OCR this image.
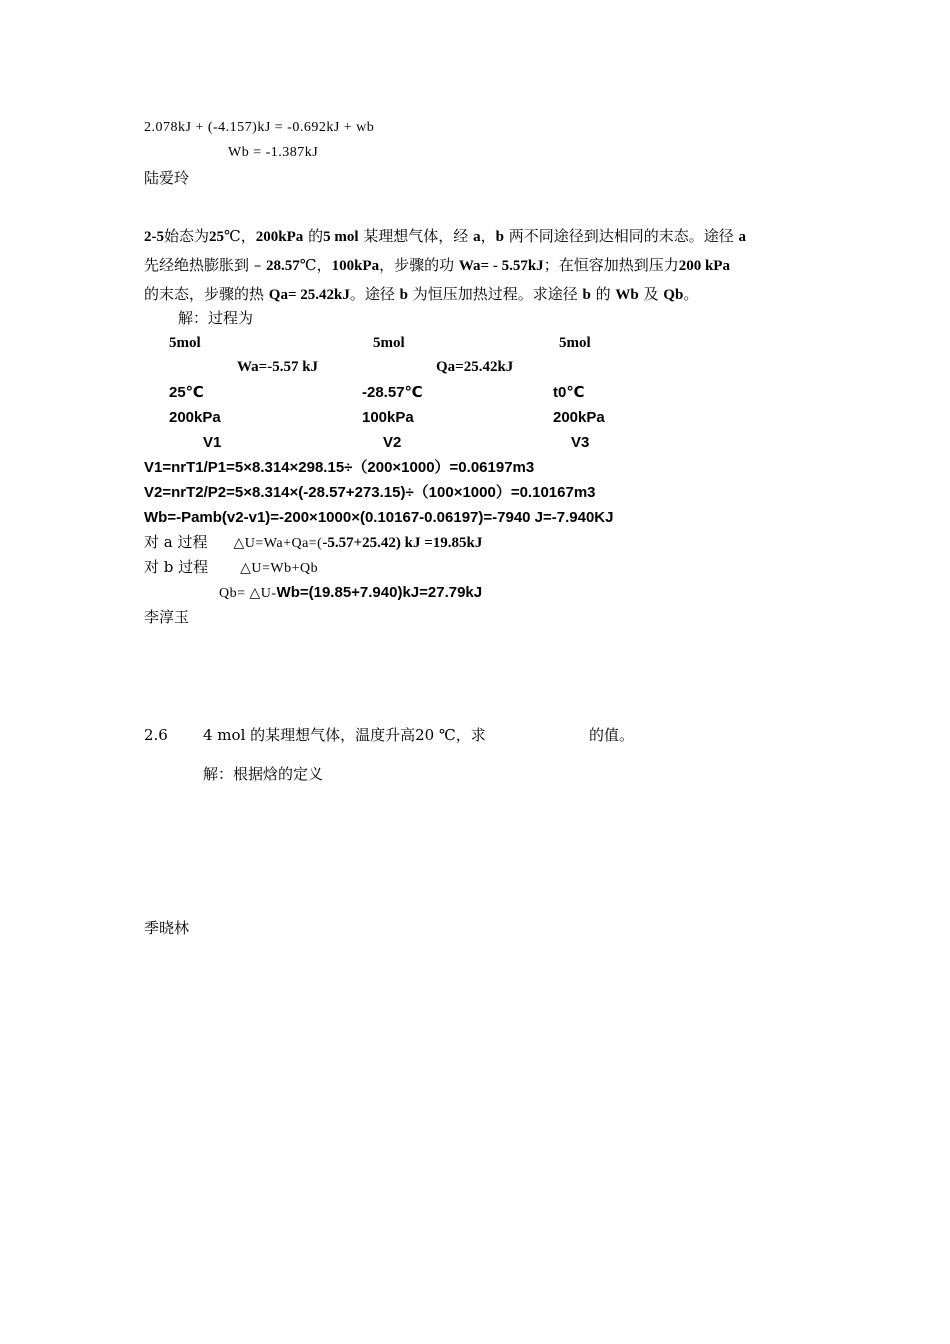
2.078kJ + (-4.157)kJ = -0.692kJ + wb
Wb = -1.387kJ
陆爱玲
2-5始态为25℃，200kPa 的5 mol 某理想气体，经 a，b 两不同途径到达相同的末态。途径 a
先经绝热膨胀到 – 28.57℃，100kPa，步骤的功 Wa= - 5.57kJ；在恒容加热到压力200 kPa
的末态，步骤的热 Qa= 25.42kJ。途径 b 为恒压加热过程。求途径 b 的 Wb 及 Qb。
解：过程为
5mol	5mol	5mol
Wa=-5.57 kJ	Qa=25.42kJ
25℃	-28.57℃	t0℃
200kPa	100kPa	200kPa
V1	V2	V3
V1=nrT1/P1=5×8.314×298.15÷（200×1000）=0.06197m3
V2=nrT2/P2=5×8.314×(-28.57+273.15)÷（100×1000）=0.10167m3
Wb=-Pamb(v2-v1)=-200×1000×(0.10167-0.06197)=-7940 J=-7.940KJ
对 a 过程 △U=Wa+Qa=(-5.57+25.42) kJ =19.85kJ
对 b 过程 △U=Wb+Qb
Qb= △U-Wb=(19.85+7.940)kJ=27.79kJ
李淳玉
2.6 4 mol 的某理想气体，温度升高20 ℃，求	的值。
解：根据焓的定义
季晓林
